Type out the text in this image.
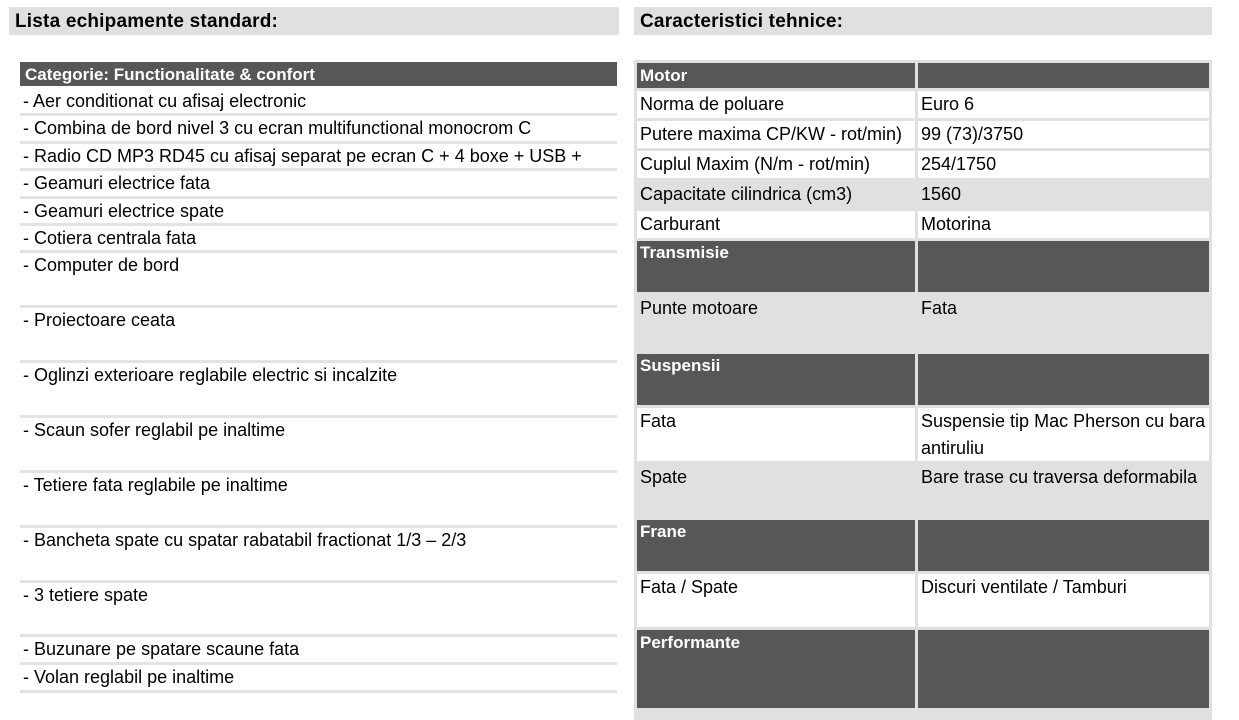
Lista echipamente standard:	Caracteristici tehnice:
Categorie: Functionalitate & confort
- Aer conditionat cu afisaj electronic
- Combina de bord nivel 3 cu ecran multifunctional monocrom C
- Radio CD MP3 RD45 cu afisaj separat pe ecran C + 4 boxe + USB +
- Geamuri electrice fata
- Geamuri electrice spate
- Cotiera centrala fata
- Computer de bord
- Proiectoare ceata
- Oglinzi exterioare reglabile electric si incalzite
- Scaun sofer reglabil pe inaltime
- Tetiere fata reglabile pe inaltime
- Bancheta spate cu spatar rabatabil fractionat 1/3 – 2/3
- 3 tetiere spate
- Buzunare pe spatare scaune fata
- Volan reglabil pe inaltime
Motor
Norma de poluare	Euro 6
Putere maxima CP/KW - rot/min)	99 (73)/3750
Cuplul Maxim (N/m - rot/min)	254/1750
Capacitate cilindrica (cm3)	1560
Carburant	Motorina
Transmisie
Punte motoare	Fata
Suspensii
Fata	Suspensie tip Mac Pherson cu bara antiruliu
Spate	Bare trase cu traversa deformabila
Frane
Fata / Spate	Discuri ventilate / Tamburi
Performante
